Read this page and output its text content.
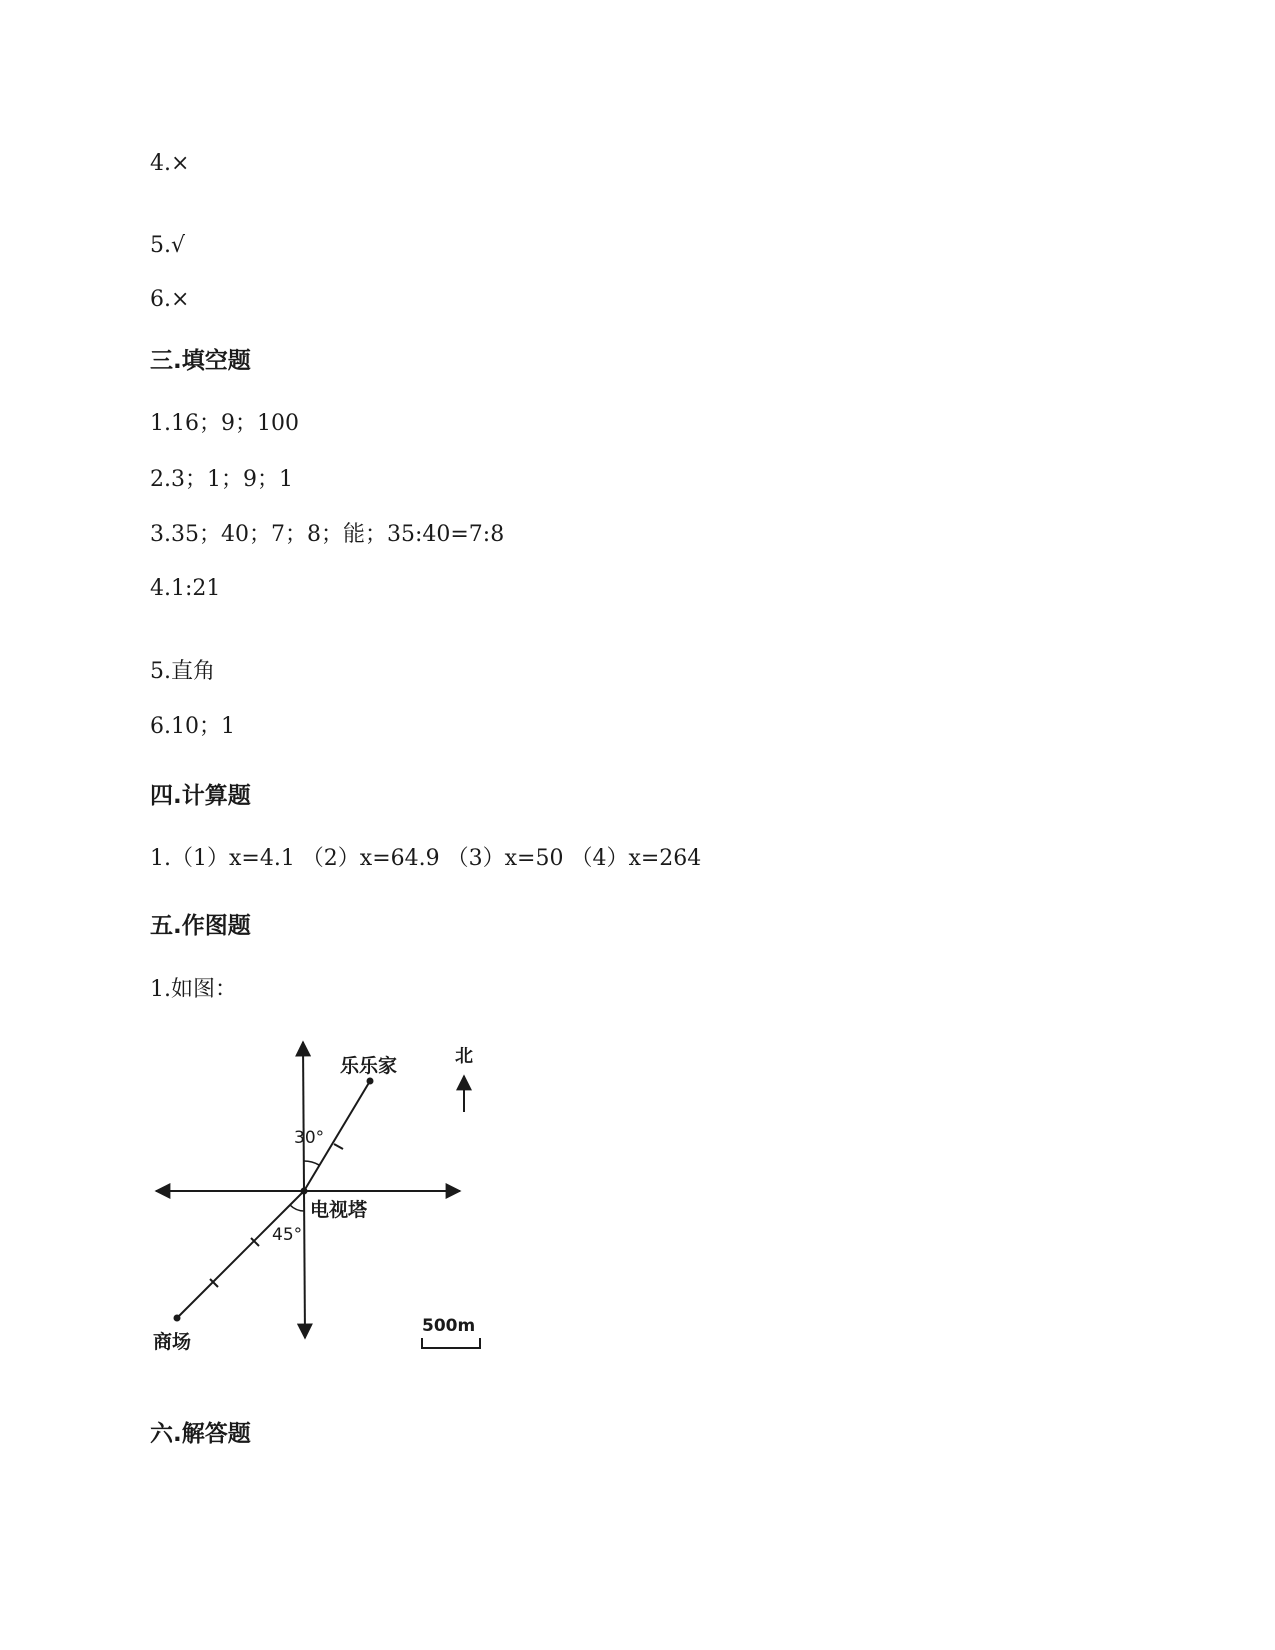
4.×
5.√
6.×
三.填空题
1.16；9；100
2.3；1；9；1
3.35；40；7；8；能；35:40=7:8
4.1:21
5.直角
6.10；1
四.计算题
1.（1）x=4.1 （2）x=64.9 （3）x=50 （4）x=264
五.作图题
1.如图：
北
乐乐家
30°
电视塔
45°
商场
500m
六.解答题
